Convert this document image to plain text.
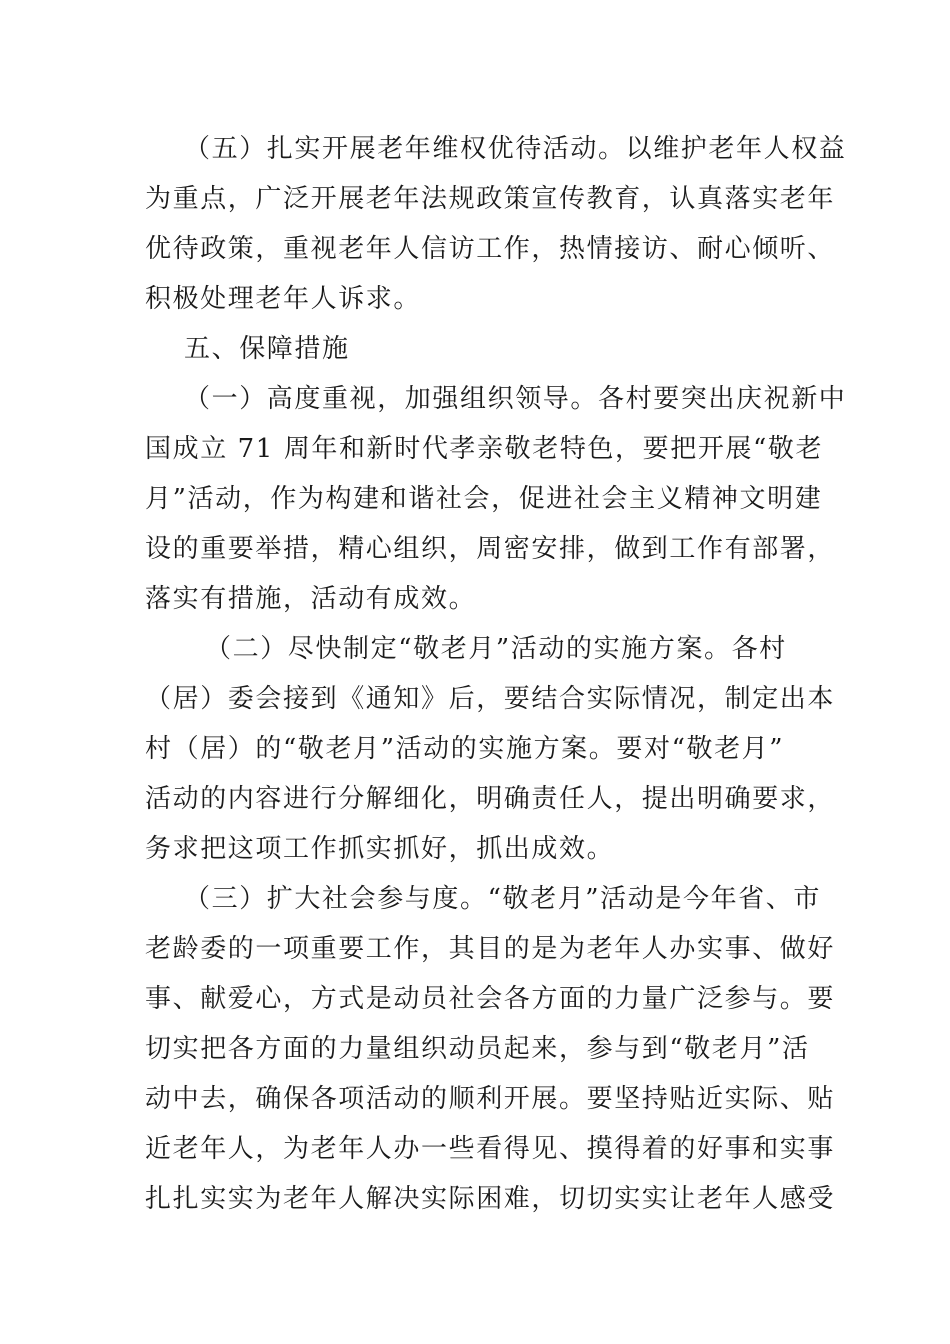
（五）扎实开展老年维权优待活动。以维护老年人权益
为重点，广泛开展老年法规政策宣传教育，认真落实老年
优待政策，重视老年人信访工作，热情接访、耐心倾听、
积极处理老年人诉求。
五、保障措施
（一）高度重视，加强组织领导。各村要突出庆祝新中
国成立 71 周年和新时代孝亲敬老特色，要把开展“敬老
月”活动，作为构建和谐社会，促进社会主义精神文明建
设的重要举措，精心组织，周密安排，做到工作有部署，
落实有措施，活动有成效。
（二）尽快制定“敬老月”活动的实施方案。各村
（居）委会接到《通知》后，要结合实际情况，制定出本
村（居）的“敬老月”活动的实施方案。要对“敬老月”
活动的内容进行分解细化，明确责任人，提出明确要求，
务求把这项工作抓实抓好，抓出成效。
（三）扩大社会参与度。“敬老月”活动是今年省、市
老龄委的一项重要工作，其目的是为老年人办实事、做好
事、献爱心，方式是动员社会各方面的力量广泛参与。要
切实把各方面的力量组织动员起来，参与到“敬老月”活
动中去，确保各项活动的顺利开展。要坚持贴近实际、贴
近老年人，为老年人办一些看得见、摸得着的好事和实事
扎扎实实为老年人解决实际困难，切切实实让老年人感受
